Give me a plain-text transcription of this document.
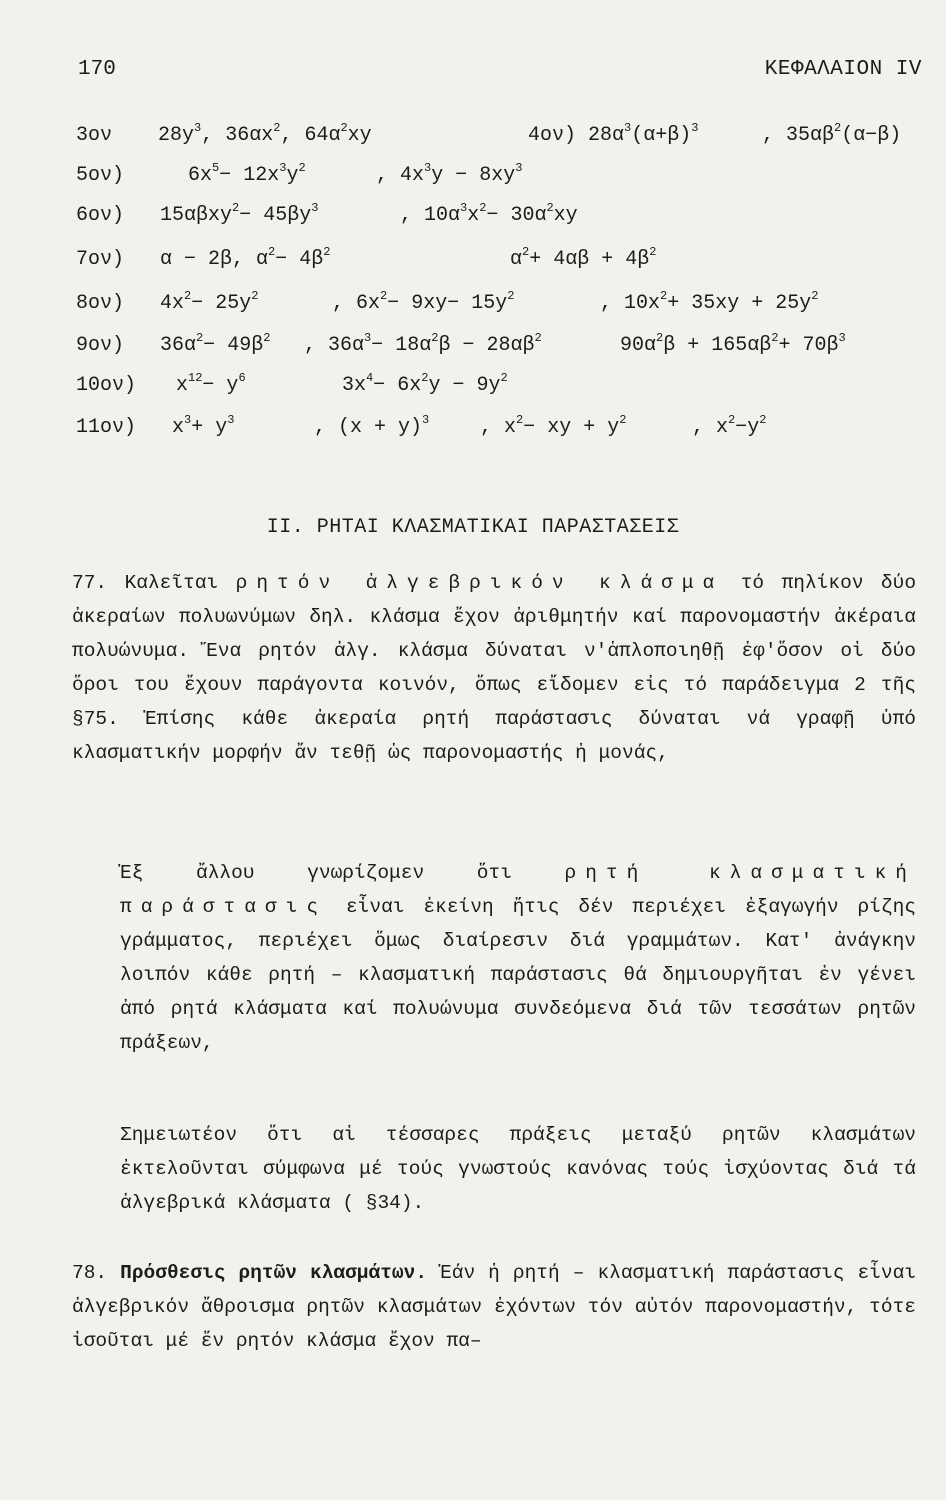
170	ΚΕΦΑΛΑΙΟΝ IV
3ον $28y^3$, $36\alpha x^2$, $64\alpha^2xy$	4ον) $28\alpha^3(\alpha+\beta)^3$	, $35\alpha\beta^2(\alpha-\beta)$
5ον)	$6x^5- 12x^3y^2$	, $4x^3y - 8xy^3$
6ον) $15\alpha\beta xy^2- 45\beta y^3$	, $10\alpha^3x^2- 30\alpha^2xy$
7ον) α − 2β, $\alpha^2- 4\beta^2$	$\alpha^2+ 4\alpha\beta + 4\beta^2$
8ον) $4x^2- 25y^2$	, $6x^2- 9xy- 15y^2$	, $10x^2+ 35xy + 25y^2$
9ον) $36\alpha^2- 49\beta^2$ , $36\alpha^3- 18\alpha^2\beta - 28\alpha\beta^2$	$90\alpha^2\beta + 165\alpha\beta^2+ 70\beta^3$
10ον) $x^{12}- y^6$	$3x^4- 6x^2y - 9y^2$
11ον) $x^3+ y^3$	, $(x + y)^3$	, $x^2-$ xy + $y^2$	, $x^2-y^2$
II. ΡΗΤΑΙ ΚΛΑΣΜΑΤΙΚΑΙ ΠΑΡΑΣΤΑΣΕΙΣ

77. Καλεῖται ρητόν ἀλγεβρικόν κλάσμα τό πηλίκον δύο ἀκεραίων πολυωνύμων δηλ. κλάσμα ἔχον ἀριθμητήν καί παρονομαστήν ἀκέραια πολυώνυμα. Ἕνα ρητόν ἀλγ. κλάσμα δύναται ν'ἁπλοποιηθῇ ἐφ'ὅσον οἱ δύο ὅροι του ἔχουν παράγοντα κοινόν, ὅπως εἴδομεν εἰς τό παράδειγμα 2 τῆς §75. Ἐπίσης κάθε ἀκεραία ρητή παράστασις δύναται νά γραφῇ ὑπό κλασματικήν μορφήν ἄν τεθῇ ὡς παρονομαστής ἡ μονάς,

Ἐξ ἄλλου γνωρίζομεν ὅτι	ρητή κλασματική παράστασις εἶναι ἐκείνη ἥτις δέν περιέχει ἐξαγωγήν ρίζης γράμματος, περιέχει ὅμως διαίρεσιν διά γραμμάτων. Κατ' ἀνάγκην λοιπόν κάθε ρητή – κλασματική παράστασις θά δημιουργῆται ἐν γένει ἀπό ρητά κλάσματα καί πολυώνυμα συνδεόμενα διά τῶν τεσσάτων ρητῶν πράξεων,

Σημειωτέον ὅτι αἱ τέσσαρες πράξεις μεταξύ ρητῶν κλασμάτων ἐκτελοῦνται σύμφωνα μέ τούς γνωστούς κανόνας τούς ἰσχύοντας διά τά ἀλγεβρικά κλάσματα ( §34).

78. Πρόσθεσις ρητῶν κλασμάτων. Ἐάν ἡ ρητή – κλασματική παράστασις εἶναι ἀλγεβρικόν ἄθροισμα ρητῶν κλασμάτων ἐχόντων τόν αὐτόν παρονομαστήν, τότε ἰσοῦται μέ ἕν ρητόν κλάσμα ἔχον πα–
